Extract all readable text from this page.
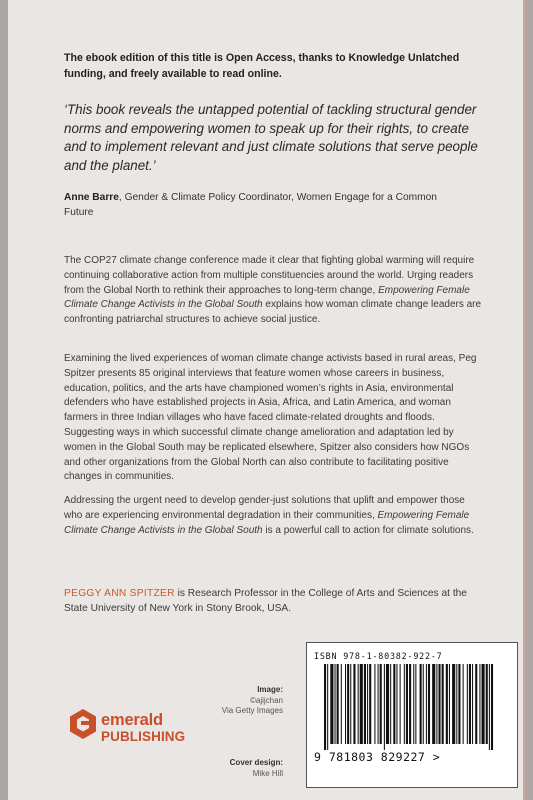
The ebook edition of this title is Open Access, thanks to Knowledge Unlatched funding, and freely available to read online.
‘This book reveals the untapped potential of tackling structural gender norms and empowering women to speak up for their rights, to create and to implement relevant and just climate solutions that serve people and the planet.’
Anne Barre, Gender & Climate Policy Coordinator, Women Engage for a Common Future
The COP27 climate change conference made it clear that fighting global warming will require continuing collaborative action from multiple constituencies around the world. Urging readers from the Global North to rethink their approaches to long-term change, Empowering Female Climate Change Activists in the Global South explains how woman climate change leaders are confronting patriarchal structures to achieve social justice.
Examining the lived experiences of woman climate change activists based in rural areas, Peg Spitzer presents 85 original interviews that feature women whose careers in business, education, politics, and the arts have championed women’s rights in Asia, environmental defenders who have established projects in Asia, Africa, and Latin America, and woman farmers in three Indian villages who have faced climate-related droughts and floods. Suggesting ways in which successful climate change amelioration and adaptation led by women in the Global South may be replicated elsewhere, Spitzer also considers how NGOs and other organizations from the Global North can also contribute to facilitating positive changes in communities.
Addressing the urgent need to develop gender-just solutions that uplift and empower those who are experiencing environmental degradation in their communities, Empowering Female Climate Change Activists in the Global South is a powerful call to action for climate solutions.
PEGGY ANN SPITZER is Research Professor in the College of Arts and Sciences at the State University of New York in Stony Brook, USA.
emerald
PUBLISHING
Image:
©ajijchan
Via Getty Images
Cover design:
Mike Hill
ISBN 978-1-80382-922-7
9 781803 829227 >
